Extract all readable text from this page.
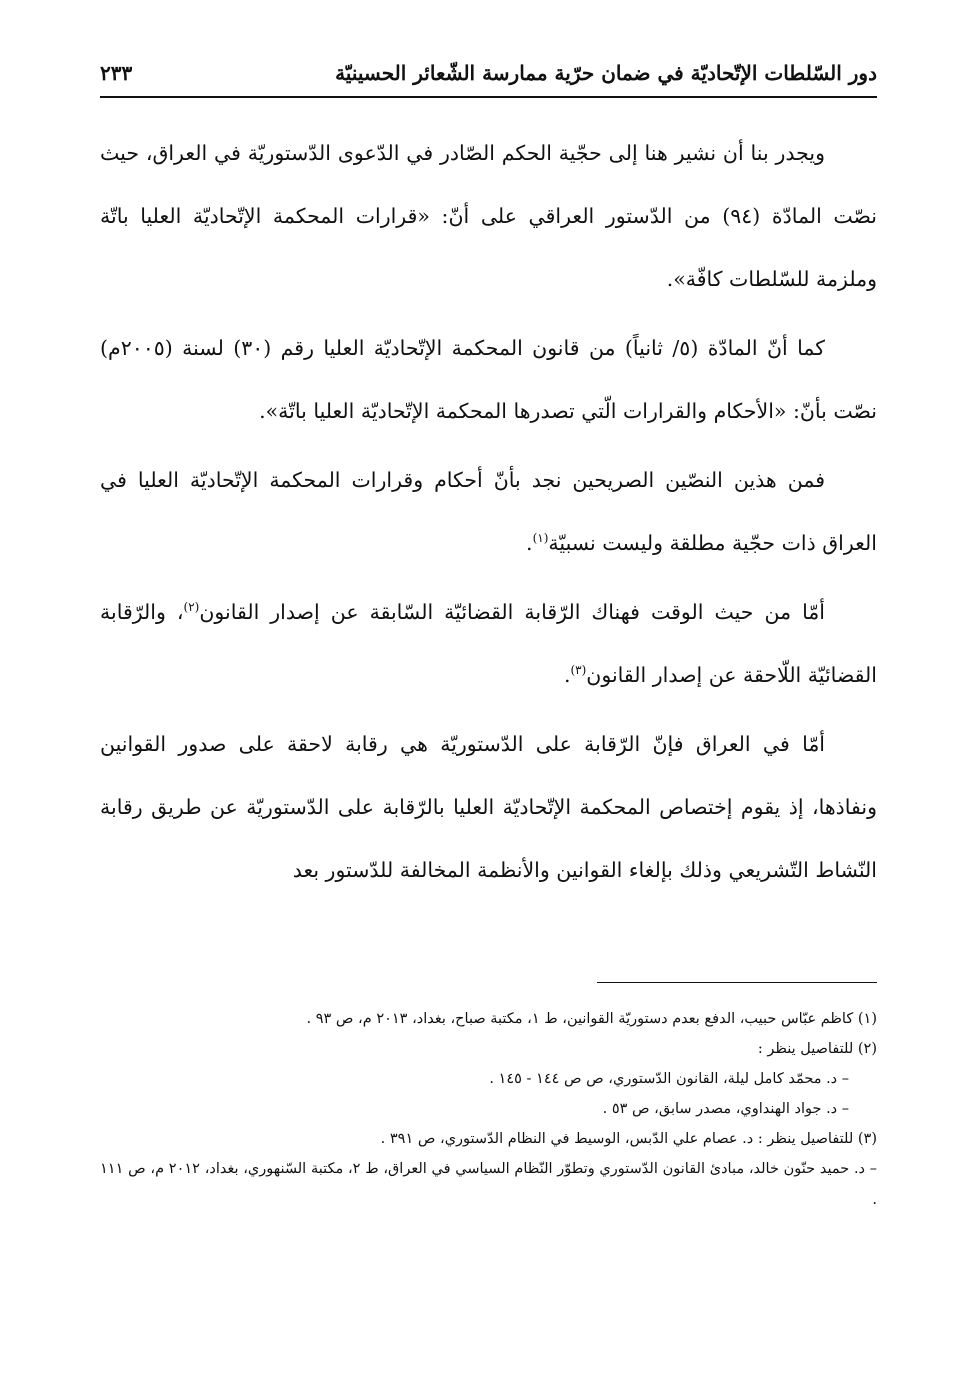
دور السّلطات الإتّحاديّة في ضمان حرّية ممارسة الشّعائر الحسينيّة
٢٣٣

ويجدر بنا أن نشير هنا إلى حجّية الحكم الصّادر في الدّعوى الدّستوريّة في العراق، حيث نصّت المادّة (٩٤) من الدّستور العراقي على أنّ: «قرارات المحكمة الإتّحاديّة العليا باتّة وملزمة للسّلطات كافّة».

كما أنّ المادّة (٥/ ثانياً) من قانون المحكمة الإتّحاديّة العليا رقم (٣٠) لسنة (٢٠٠٥م) نصّت بأنّ: «الأحكام والقرارات الّتي تصدرها المحكمة الإتّحاديّة العليا باتّة».

فمن هذين النصّين الصريحين نجد بأنّ أحكام وقرارات المحكمة الإتّحاديّة العليا في العراق ذات حجّية مطلقة وليست نسبيّة$^{(١)}$.

أمّا من حيث الوقت فهناك الرّقابة القضائيّة السّابقة عن إصدار القانون$^{(٢)}$، والرّقابة القضائيّة اللّاحقة عن إصدار القانون$^{(٣)}$.

أمّا في العراق فإنّ الرّقابة على الدّستوريّة هي رقابة لاحقة على صدور القوانين ونفاذها، إذ يقوم إختصاص المحكمة الإتّحاديّة العليا بالرّقابة على الدّستوريّة عن طريق رقابة النّشاط التّشريعي وذلك بإلغاء القوانين والأنظمة المخالفة للدّستور بعد

(١) كاظم عبّاس حبيب، الدفع بعدم دستوريّة القوانين، ط ١، مكتبة صباح، بغداد، ٢٠١٣ م، ص ٩٣ .

(٢) للتفاصيل ينظر :

– د. محمّد كامل ليلة، القانون الدّستوري، ص ص ١٤٤ - ١٤٥ .

– د. جواد الهنداوي، مصدر سابق، ص ٥٣ .

(٣) للتفاصيل ينظر : د. عصام علي الدّبس، الوسيط في النظام الدّستوري، ص ٣٩١ .

– د. حميد حنّون خالد، مبادئ القانون الدّستوري وتطوّر النّظام السياسي في العراق، ط ٢، مكتبة السّنهوري، بغداد، ٢٠١٢ م، ص ١١١ .
